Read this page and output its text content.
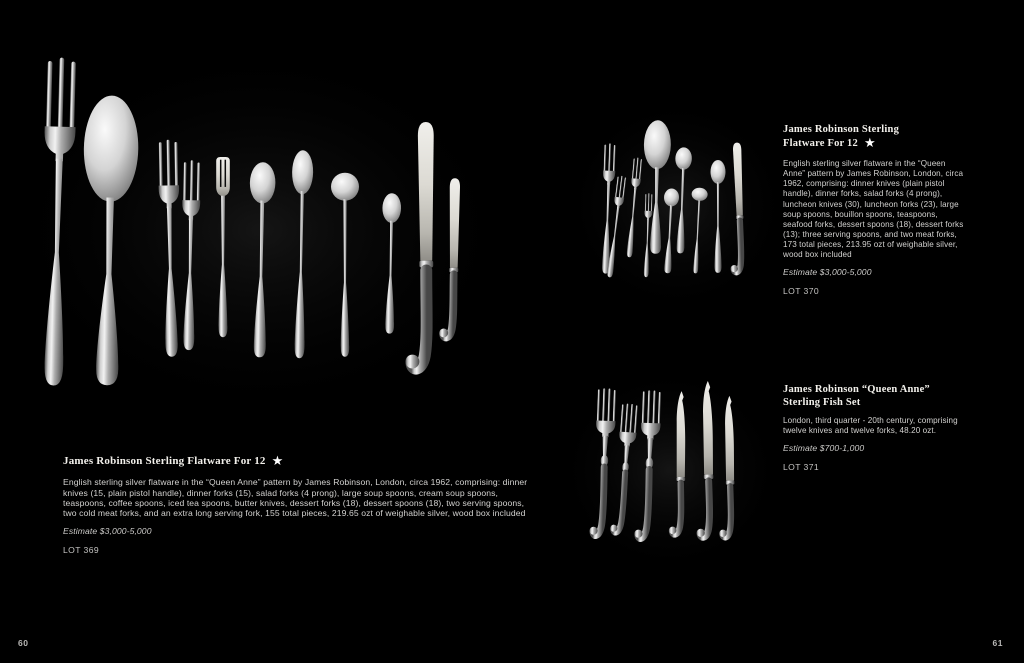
James Robinson Sterling Flatware For 12 ★

English sterling silver flatware in the “Queen Anne” pattern by James Robinson, London, circa 1962, comprising: dinner knives (15, plain pistol handle), dinner forks (15), salad forks (4 prong), large soup spoons, cream soup spoons, teaspoons, coffee spoons, iced tea spoons, butter knives, dessert forks (18), dessert spoons (18), two serving spoons, two cold meat forks, and an extra long serving fork, 155 total pieces, 219.65 ozt of weighable silver, wood box included

Estimate $3,000-5,000

LOT 369

James Robinson Sterling Flatware For 12 ★

English sterling silver flatware in the “Queen Anne” pattern by James Robinson, London, circa 1962, comprising: dinner knives (plain pistol handle), dinner forks, salad forks (4 prong), luncheon knives (30), luncheon forks (23), large soup spoons, bouillon spoons, teaspoons, seafood forks, dessert spoons (18), dessert forks (13); three serving spoons, and two meat forks, 173 total pieces, 213.95 ozt of weighable silver, wood box included

Estimate $3,000-5,000

LOT 370

James Robinson “Queen Anne” Sterling Fish Set

London, third quarter - 20th century, comprising twelve knives and twelve forks, 48.20 ozt.

Estimate $700-1,000

LOT 371

60	61
